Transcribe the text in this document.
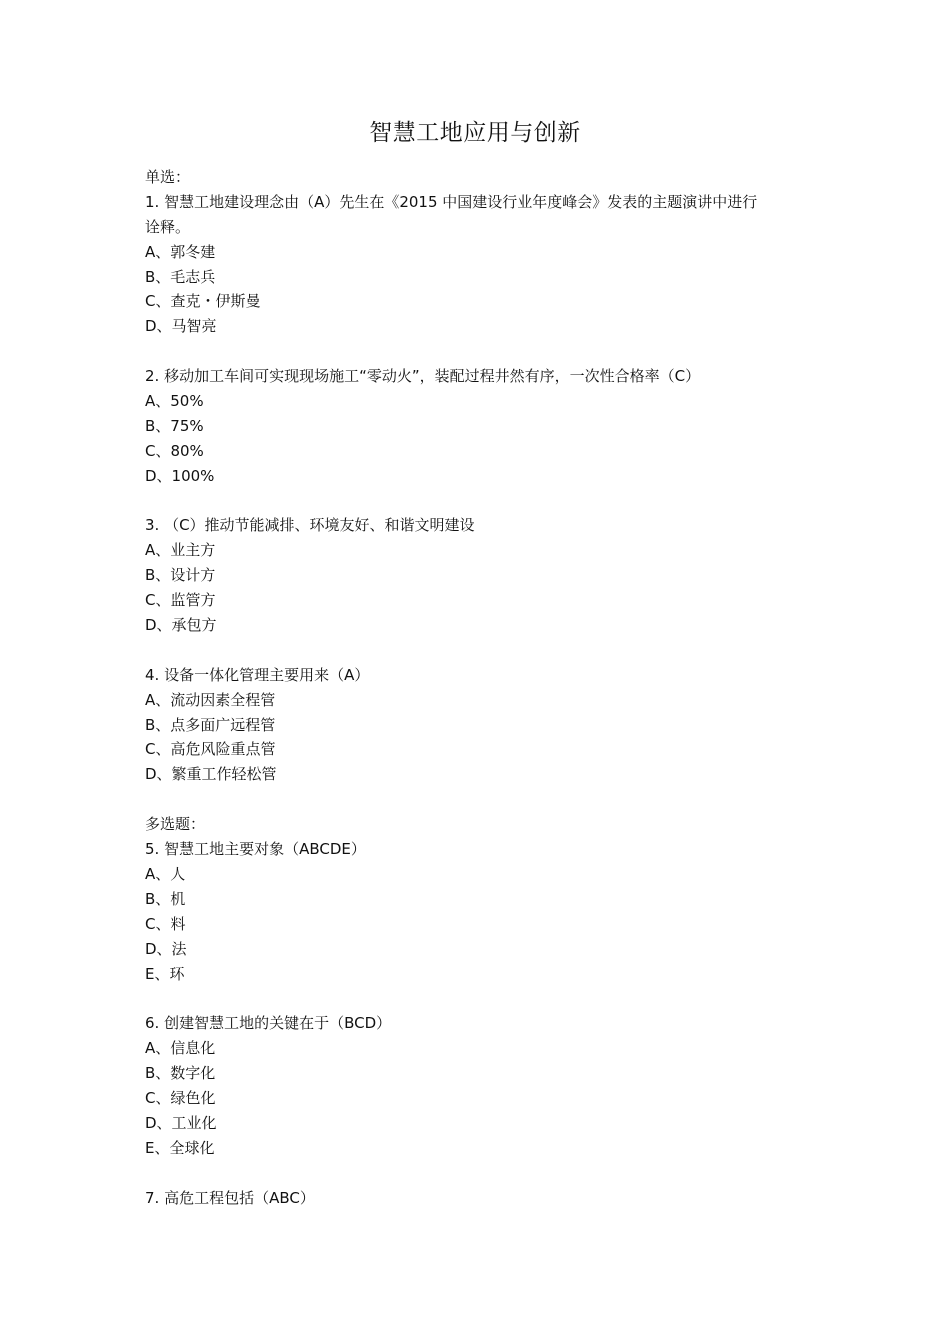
智慧工地应用与创新
单选：
1. 智慧工地建设理念由（A）先生在《2015 中国建设行业年度峰会》发表的主题演讲中进行
诠释。
A、郭冬建
B、毛志兵
C、查克・伊斯曼
D、马智亮
2. 移动加工车间可实现现场施工“零动火”，装配过程井然有序，一次性合格率（C）
A、50%
B、75%
C、80%
D、100%
3. （C）推动节能减排、环境友好、和谐文明建设
A、业主方
B、设计方
C、监管方
D、承包方
4. 设备一体化管理主要用来（A）
A、流动因素全程管
B、点多面广远程管
C、高危风险重点管
D、繁重工作轻松管
多选题：
5. 智慧工地主要对象（ABCDE）
A、人
B、机
C、料
D、法
E、环
6. 创建智慧工地的关键在于（BCD）
A、信息化
B、数字化
C、绿色化
D、工业化
E、全球化
7. 高危工程包括（ABC）
